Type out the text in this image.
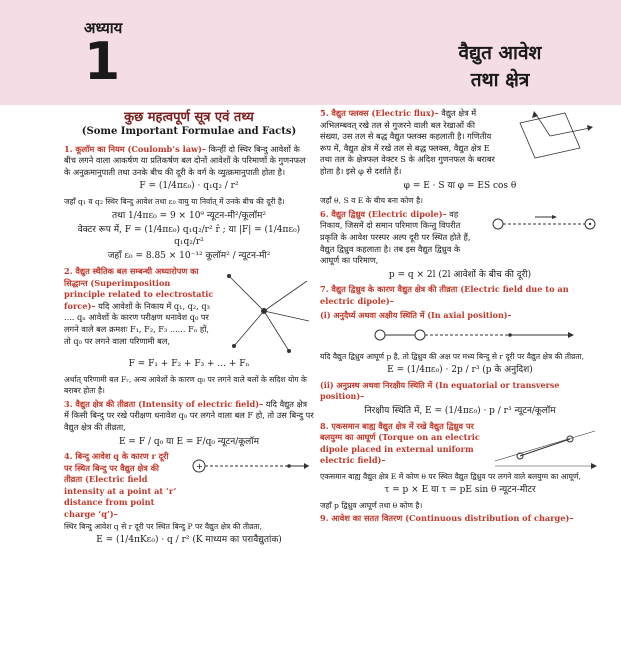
अध्याय
1	वैद्युत आवेश
तथा क्षेत्र
कुछ महत्वपूर्ण सूत्र एवं तथ्य
(Some Important Formulae and Facts)
1. कूलॉम का नियम (Coulomb’s law)– किन्हीं दो स्थिर बिन्दु आवेशों के बीच लगने वाला आकर्षण या प्रतिकर्षण बल दोनों आवेशों के परिमाणों के गुणनफल के अनुक्रमानुपाती तथा उनके बीच की दूरी के वर्ग के व्युत्क्रमानुपाती होता है।
F = (1/4πε₀) · q₁q₂ / r²
जहाँ q₁ व q₂ स्थिर बिन्दु आवेश तथा ε₀ वायु या निर्वात् में उनके बीच की दूरी है।
तथा 1/4πε₀ = 9 × 10⁹ न्यूटन-मी²/कूलॉम²
वेक्टर रूप में, F = (1/4πε₀) q₁q₂/r² r̂ ; या |F| = (1/4πε₀) q₁q₂/r²
जहाँ ε₀ = 8.85 × 10⁻¹² कूलॉम² / न्यूटन-मी²
2. वैद्युत स्थैतिक बल सम्बन्धी अध्यारोपण का सिद्धान्त (Superimposition principle related to electrostatic force)– यदि आवेशों के निकाय में q₁, q₂, q₃ .... qₙ आवेशों के कारण परीक्षण धनावेश q₀ पर लगने वाले बल क्रमशः F₁, F₂, F₃ ...... Fₙ हों, तो q₀ पर लगने वाला परिणामी बल,
F = F₁ + F₂ + F₃ + ... + Fₙ
अर्थात् परिणामी बल Fᵣ, अन्य आवेशों के कारण q₀ पर लगने वाले बलों के सदिश योग के बराबर होता है।
3. वैद्युत क्षेत्र की तीव्रता (Intensity of electric field)– यदि वैद्युत क्षेत्र में किसी बिन्दु पर रखे परीक्षण धनावेश q₀ पर लगने वाला बल F हो, तो उस बिन्दु पर वैद्युत क्षेत्र की तीव्रता,
E = F / q₀ या E = F/q₀ न्यूटन/कूलॉम
4. बिन्दु आवेश q के कारण r दूरी पर स्थित बिन्दु पर वैद्युत क्षेत्र की तीव्रता (Electric field intensity at a point at ‘r’ distance from point charge ‘q’)–
+
स्थिर बिन्दु आवेश q से r दूरी पर स्थित बिन्दु P पर वैद्युत क्षेत्र की तीव्रता,
E = (1/4πKε₀) · q / r² (K माध्यम का परावैद्युतांक)
5. वैद्युत फ्लक्स (Electric flux)– वैद्युत क्षेत्र में अभिलम्बवत् रखे तल से गुजरने वाली बल रेखाओं की संख्या, उस तल से बद्ध वैद्युत फ्लक्स कहलाती है। गणितीय रूप में, वैद्युत क्षेत्र में रखे तल से बद्ध फ्लक्स, वैद्युत क्षेत्र E तथा तल के क्षेत्रफल वेक्टर S के अदिश गुणनफल के बराबर होता है। इसे φ से दर्शाते हैं।
φ = E · S या φ = ES cos θ
जहाँ θ, S व E के बीच बना कोण है।
6. वैद्युत द्विध्रुव (Electric dipole)– वह निकाय, जिसमें दो समान परिमाण किन्तु विपरीत प्रकृति के आवेश परस्पर अल्प दूरी पर स्थित होते हैं, वैद्युत द्विध्रुव कहलाता है। तब इस वैद्युत द्विध्रुव के आघूर्ण का परिमाण,
p = q × 2l (2l आवेशों के बीच की दूरी)
7. वैद्युत द्विध्रुव के कारण वैद्युत क्षेत्र की तीव्रता (Electric field due to an electric dipole)–
(i) अनुदैर्घ्य अथवा अक्षीय स्थिति में (In axial position)–
यदि वैद्युत द्विध्रुव आघूर्ण p है, तो द्विध्रुव की अक्ष पर मध्य बिन्दु से r दूरी पर वैद्युत क्षेत्र की तीव्रता,
E = (1/4πε₀) · 2p / r³ (p के अनुदिश)
(ii) अनुप्रस्थ अथवा निरक्षीय स्थिति में (In equatorial or transverse position)–
निरक्षीय स्थिति में, E = (1/4πε₀) · p / r³ न्यूटन/कूलॉम
8. एकसमान बाह्य वैद्युत क्षेत्र में रखे वैद्युत द्विध्रुव पर बलयुग्म का आघूर्ण (Torque on an electric dipole placed in external uniform electric field)–
एकसमान बाह्य वैद्युत क्षेत्र E में कोण θ पर स्थित वैद्युत द्विध्रुव पर लगने वाले बलयुग्म का आघूर्ण,
τ = p × E या τ = pE sin θ न्यूटन-मीटर
जहाँ p द्विध्रुव आघूर्ण तथा θ कोण है।
9. आवेश का सतत वितरण (Continuous distribution of charge)–
